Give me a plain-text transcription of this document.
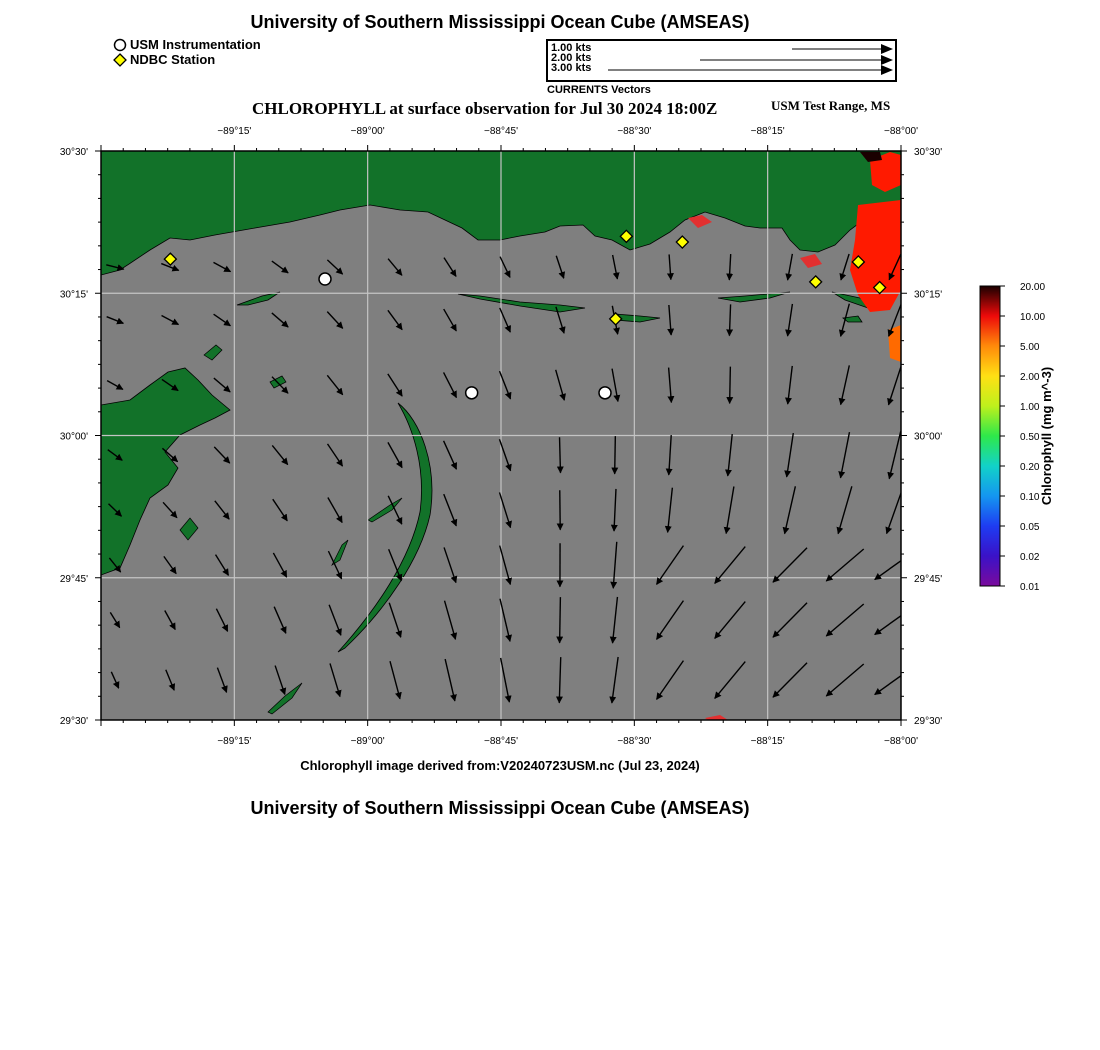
University of Southern Mississippi Ocean Cube (AMSEAS)
USM Instrumentation
NDBC Station
1.00 kts
2.00 kts
3.00 kts
CURRENTS Vectors
CHLOROPHYLL at surface observation for Jul 30 2024 18:00Z	USM Test Range, MS
−89°15'	−89°00'	−88°45'	−88°30'	−88°15'	−88°00'
−89°15'	−89°00'	−88°45'	−88°30'	−88°15'	−88°00'
30°30'
30°15'
30°00'
29°45'
29°30'
30°30'
30°15'
30°00'
29°45'
29°30'
20.00
10.00
5.00
2.00
1.00
0.50
0.20
0.10
0.05
0.02
0.01
Chlorophyll (mg m^-3)
Chlorophyll image derived from:V20240723USM.nc (Jul 23, 2024)
University of Southern Mississippi Ocean Cube (AMSEAS)
